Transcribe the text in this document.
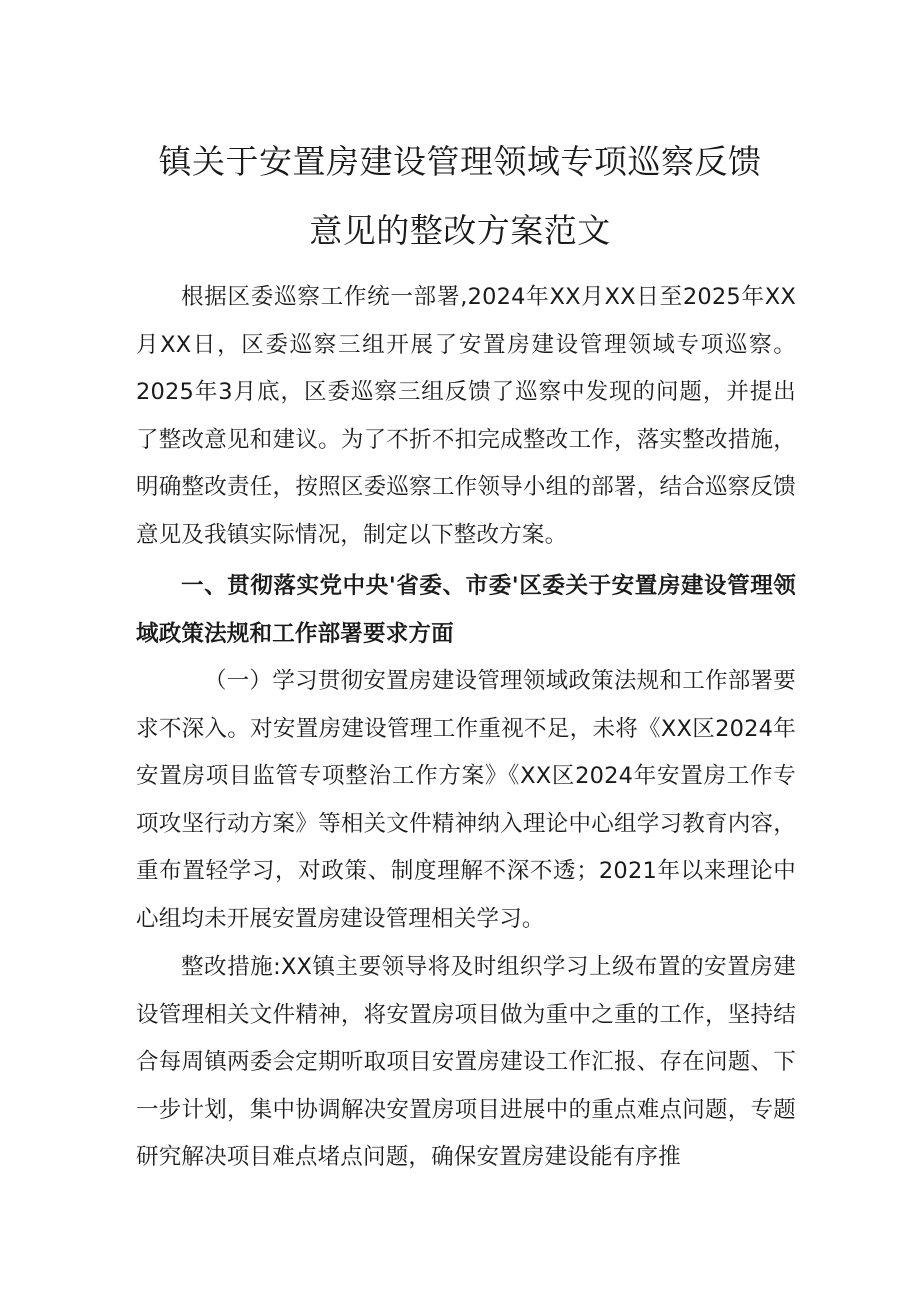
镇关于安置房建设管理领域专项巡察反馈
意见的整改方案范文

根据区委巡察工作统一部署,2024年XX月XX日至2025年XX月XX日，区委巡察三组开展了安置房建设管理领域专项巡察。2025年3月底，区委巡察三组反馈了巡察中发现的问题，并提出了整改意见和建议。为了不折不扣完成整改工作，落实整改措施，明确整改责任，按照区委巡察工作领导小组的部署，结合巡察反馈意见及我镇实际情况，制定以下整改方案。

一、贯彻落实党中央'省委、市委'区委关于安置房建设管理领域政策法规和工作部署要求方面

（一）学习贯彻安置房建设管理领域政策法规和工作部署要求不深入。对安置房建设管理工作重视不足，未将《XX区2024年安置房项目监管专项整治工作方案》《XX区2024年安置房工作专项攻坚行动方案》等相关文件精神纳入理论中心组学习教育内容，重布置轻学习，对政策、制度理解不深不透；2021年以来理论中心组均未开展安置房建设管理相关学习。

整改措施:XX镇主要领导将及时组织学习上级布置的安置房建设管理相关文件精神，将安置房项目做为重中之重的工作，坚持结合每周镇两委会定期听取项目安置房建设工作汇报、存在问题、下一步计划，集中协调解决安置房项目进展中的重点难点问题，专题研究解决项目难点堵点问题，确保安置房建设能有序推
